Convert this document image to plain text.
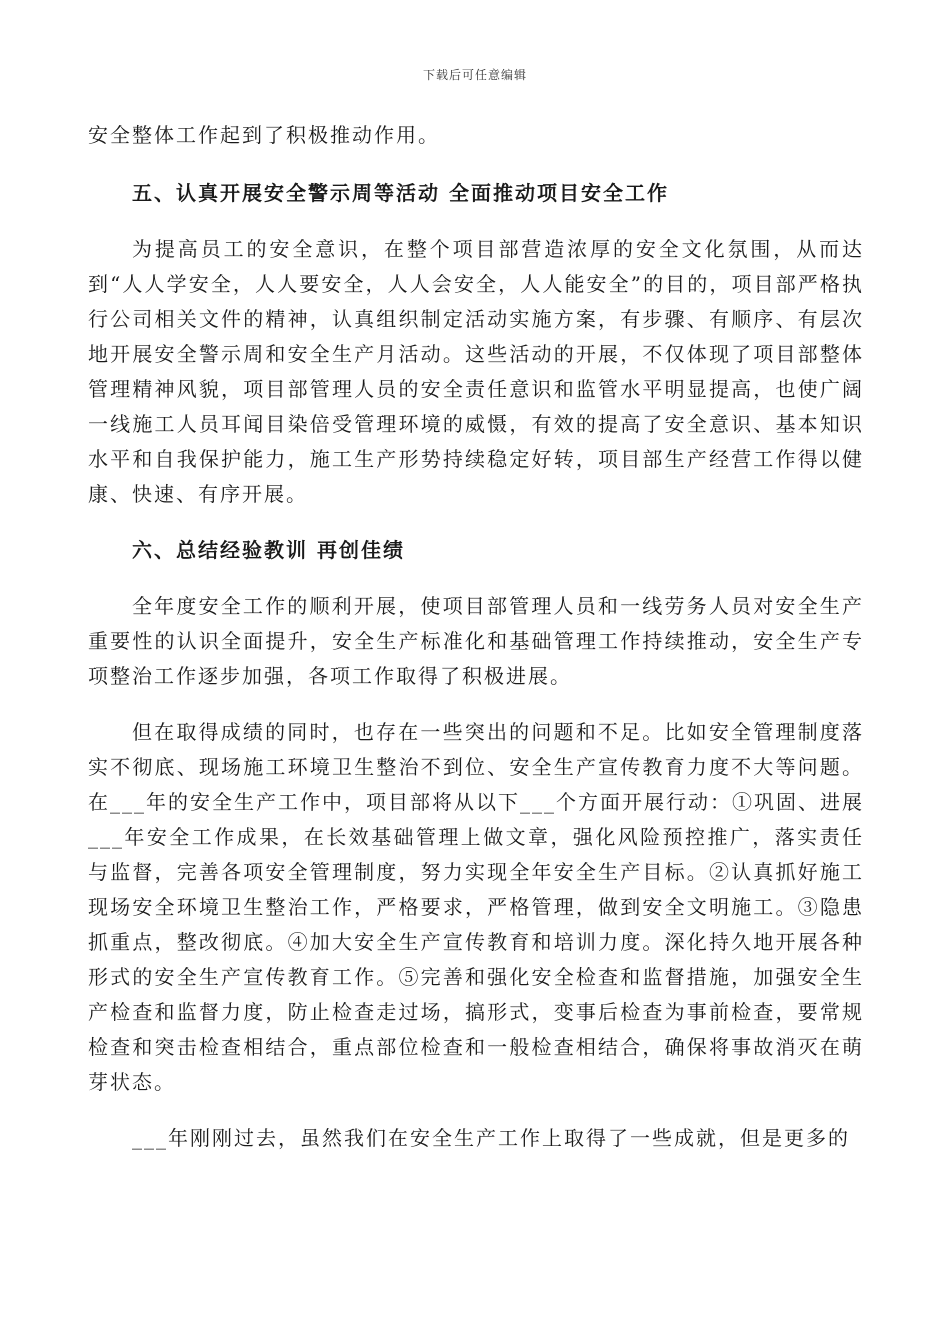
下载后可任意编辑

安全整体工作起到了积极推动作用。

五、认真开展安全警示周等活动 全面推动项目安全工作

为提高员工的安全意识，在整个项目部营造浓厚的安全文化氛围，从而达到“人人学安全，人人要安全，人人会安全，人人能安全”的目的，项目部严格执行公司相关文件的精神，认真组织制定活动实施方案，有步骤、有顺序、有层次地开展安全警示周和安全生产月活动。这些活动的开展，不仅体现了项目部整体管理精神风貌，项目部管理人员的安全责任意识和监管水平明显提高，也使广阔一线施工人员耳闻目染倍受管理环境的威慑，有效的提高了安全意识、基本知识水平和自我保护能力，施工生产形势持续稳定好转，项目部生产经营工作得以健康、快速、有序开展。

六、总结经验教训 再创佳绩

全年度安全工作的顺利开展，使项目部管理人员和一线劳务人员对安全生产重要性的认识全面提升，安全生产标准化和基础管理工作持续推动，安全生产专项整治工作逐步加强，各项工作取得了积极进展。

但在取得成绩的同时，也存在一些突出的问题和不足。比如安全管理制度落实不彻底、现场施工环境卫生整治不到位、安全生产宣传教育力度不大等问题。在___年的安全生产工作中，项目部将从以下___个方面开展行动：①巩固、进展___年安全工作成果，在长效基础管理上做文章，强化风险预控推广，落实责任与监督，完善各项安全管理制度，努力实现全年安全生产目标。②认真抓好施工现场安全环境卫生整治工作，严格要求，严格管理，做到安全文明施工。③隐患抓重点，整改彻底。④加大安全生产宣传教育和培训力度。深化持久地开展各种形式的安全生产宣传教育工作。⑤完善和强化安全检查和监督措施，加强安全生产检查和监督力度，防止检查走过场，搞形式，变事后检查为事前检查，要常规检查和突击检查相结合，重点部位检查和一般检查相结合，确保将事故消灭在萌芽状态。

___年刚刚过去，虽然我们在安全生产工作上取得了一些成就，但是更多的
